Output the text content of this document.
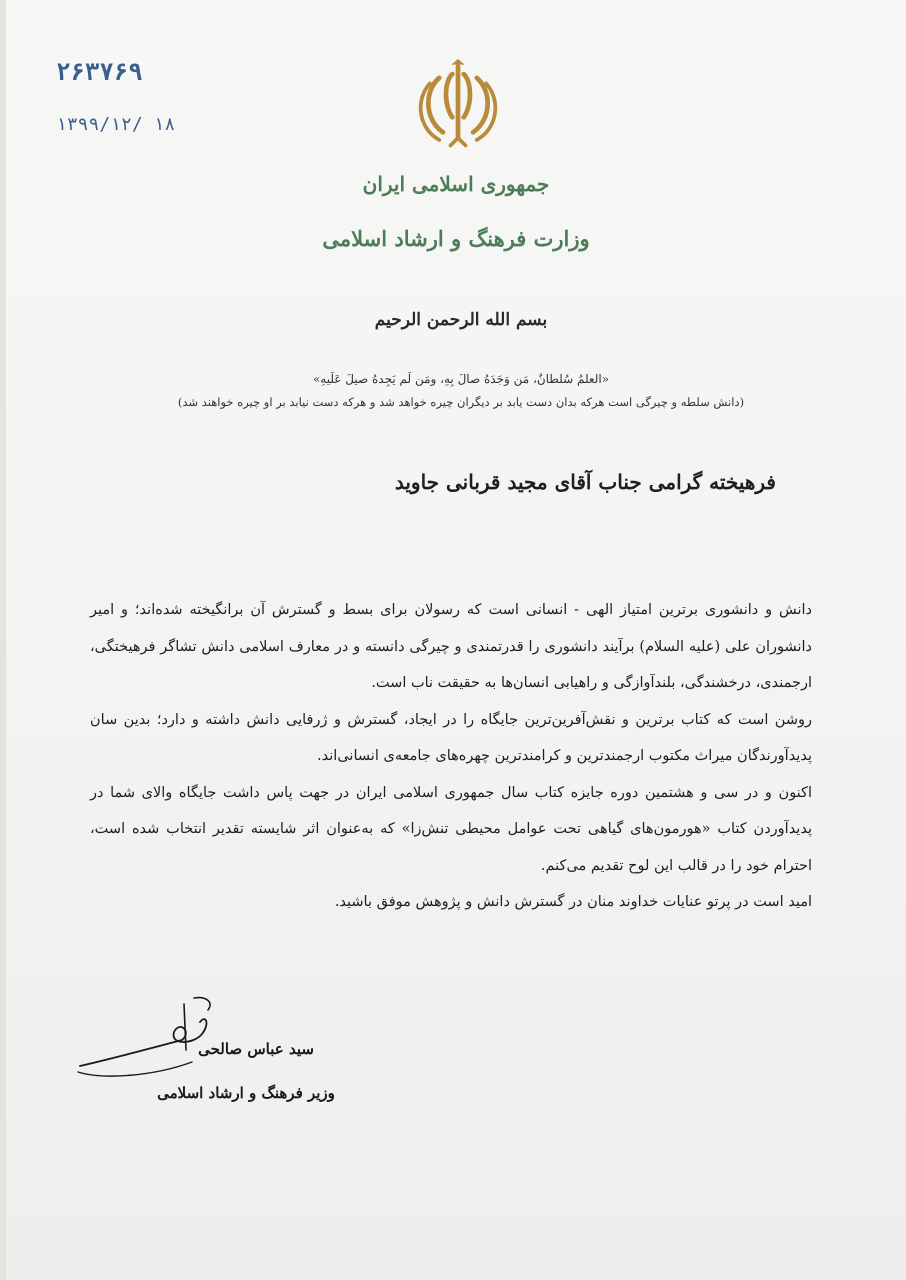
۲۶۳۷۶۹
۱۳۹۹/۱۲/ ۱۸
جمهوری اسلامی ایران
وزارت فرهنگ و ارشاد اسلامی
بسم الله الرحمن الرحیم
«العلمُ سُلطانٌ، مَن وَجَدَهُ صالَ بِهِ، ومَن لَم یَجِدهُ صیلَ عَلَیهِ»
(دانش سلطه و چیرگی است هرکه بدان دست یابد بر دیگران چیره خواهد شد و هرکه دست نیابد بر او چیره خواهند شد)
فرهیخته گرامی جناب آقای مجید قربانی جاوید

دانش و دانشوری برترین امتیاز الهی - انسانی است که رسولان برای بسط و گسترش آن برانگیخته شده‌اند؛ و امیر دانشوران علی (علیه السلام) برآیند دانشوری را قدرتمندی و چیرگی دانسته و در معارف اسلامی دانش تشاگر فرهیختگی، ارجمندی، درخشندگی، بلندآوازگی و راهیابی انسان‌ها به حقیقت ناب است.

روشن است که کتاب برترین و نقش‌آفرین‌ترین جایگاه را در ایجاد، گسترش و ژرفایی دانش داشته و دارد؛ بدین سان پدیدآورندگان میراث مکتوب ارجمندترین و کرامندترین چهره‌های جامعه‌ی انسانی‌اند.

اکنون و در سی و هشتمین دوره جایزه کتاب سال جمهوری اسلامی ایران در جهت پاس داشت جایگاه والای شما در پدیدآوردن کتاب «هورمون‌های گیاهی تحت عوامل محیطی تنش‌زا» که به‌عنوان اثر شایسته تقدیر انتخاب شده است، احترام خود را در قالب این لوح تقدیم می‌کنم.

امید است در پرتو عنایات خداوند منان در گسترش دانش و پژوهش موفق باشید.

سید عباس صالحی
وزیر فرهنگ و ارشاد اسلامی
